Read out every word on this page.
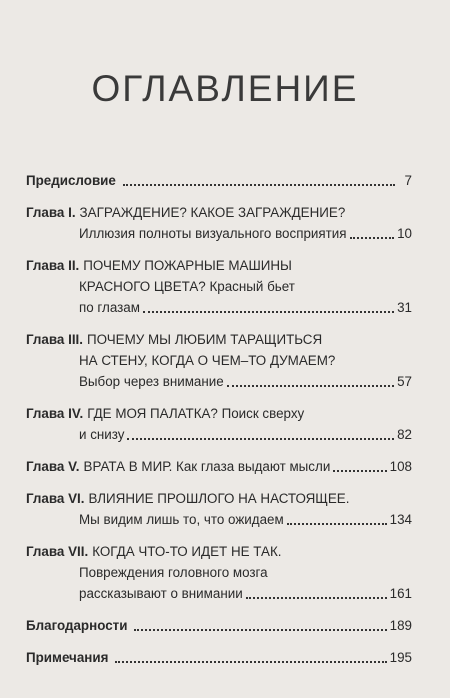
ОГЛАВЛЕНИЕ
Предисловие	7
Глава I. ЗАГРАЖДЕНИЕ? КАКОЕ ЗАГРАЖДЕНИЕ?
Иллюзия полноты визуального восприятия	10
Глава II. ПОЧЕМУ ПОЖАРНЫЕ МАШИНЫ
КРАСНОГО ЦВЕТА? Красный бьет
по глазам	31
Глава III. ПОЧЕМУ МЫ ЛЮБИМ ТАРАЩИТЬСЯ
НА СТЕНУ, КОГДА О ЧЕМ–ТО ДУМАЕМ?
Выбор через внимание	57
Глава IV. ГДЕ МОЯ ПАЛАТКА? Поиск сверху
и снизу	82
Глава V. ВРАТА В МИР. Как глаза выдают мысли	108
Глава VI. ВЛИЯНИЕ ПРОШЛОГО НА НАСТОЯЩЕЕ.
Мы видим лишь то, что ожидаем	134
Глава VII. КОГДА ЧТО-ТО ИДЕТ НЕ ТАК.
Повреждения головного мозга
рассказывают о внимании	161
Благодарности	189
Примечания	195
